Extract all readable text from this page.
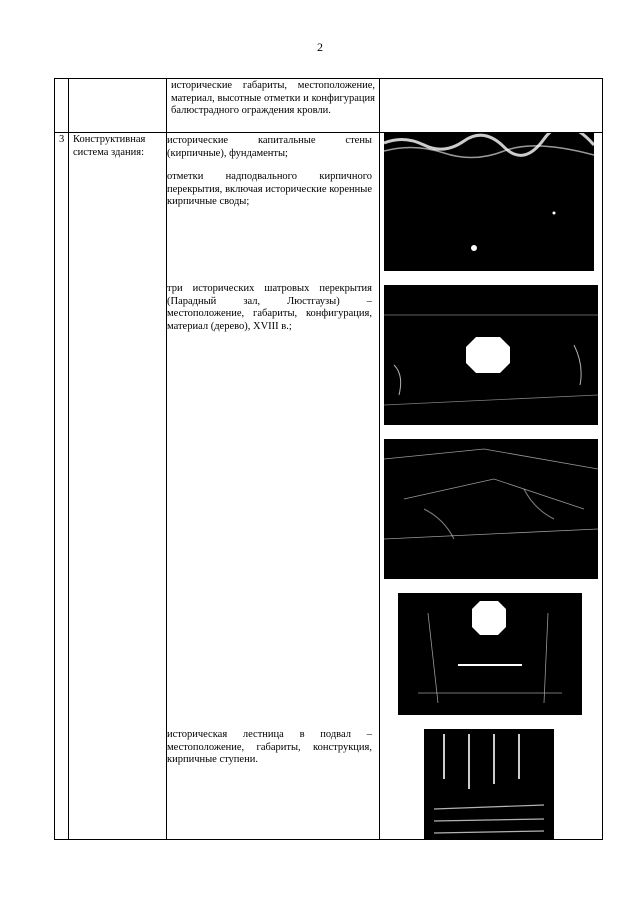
2

		исторические габариты, местоположение, материал, высотные отметки и конфигурация балюстрадного ограждения кровли.	

3	Конструктивная система здания:	исторические капитальные стены (кирпичные), фундаменты;
отметки надподвального кирпичного перекрытия, включая исторические коренные кирпичные своды;
три исторических шатровых перекрытия (Парадный зал, Люстгаузы) – местоположение, габариты, конфигурация, материал (дерево), XVIII в.;
историческая лестница в подвал – местоположение, габариты, конструкция, кирпичные ступени.
